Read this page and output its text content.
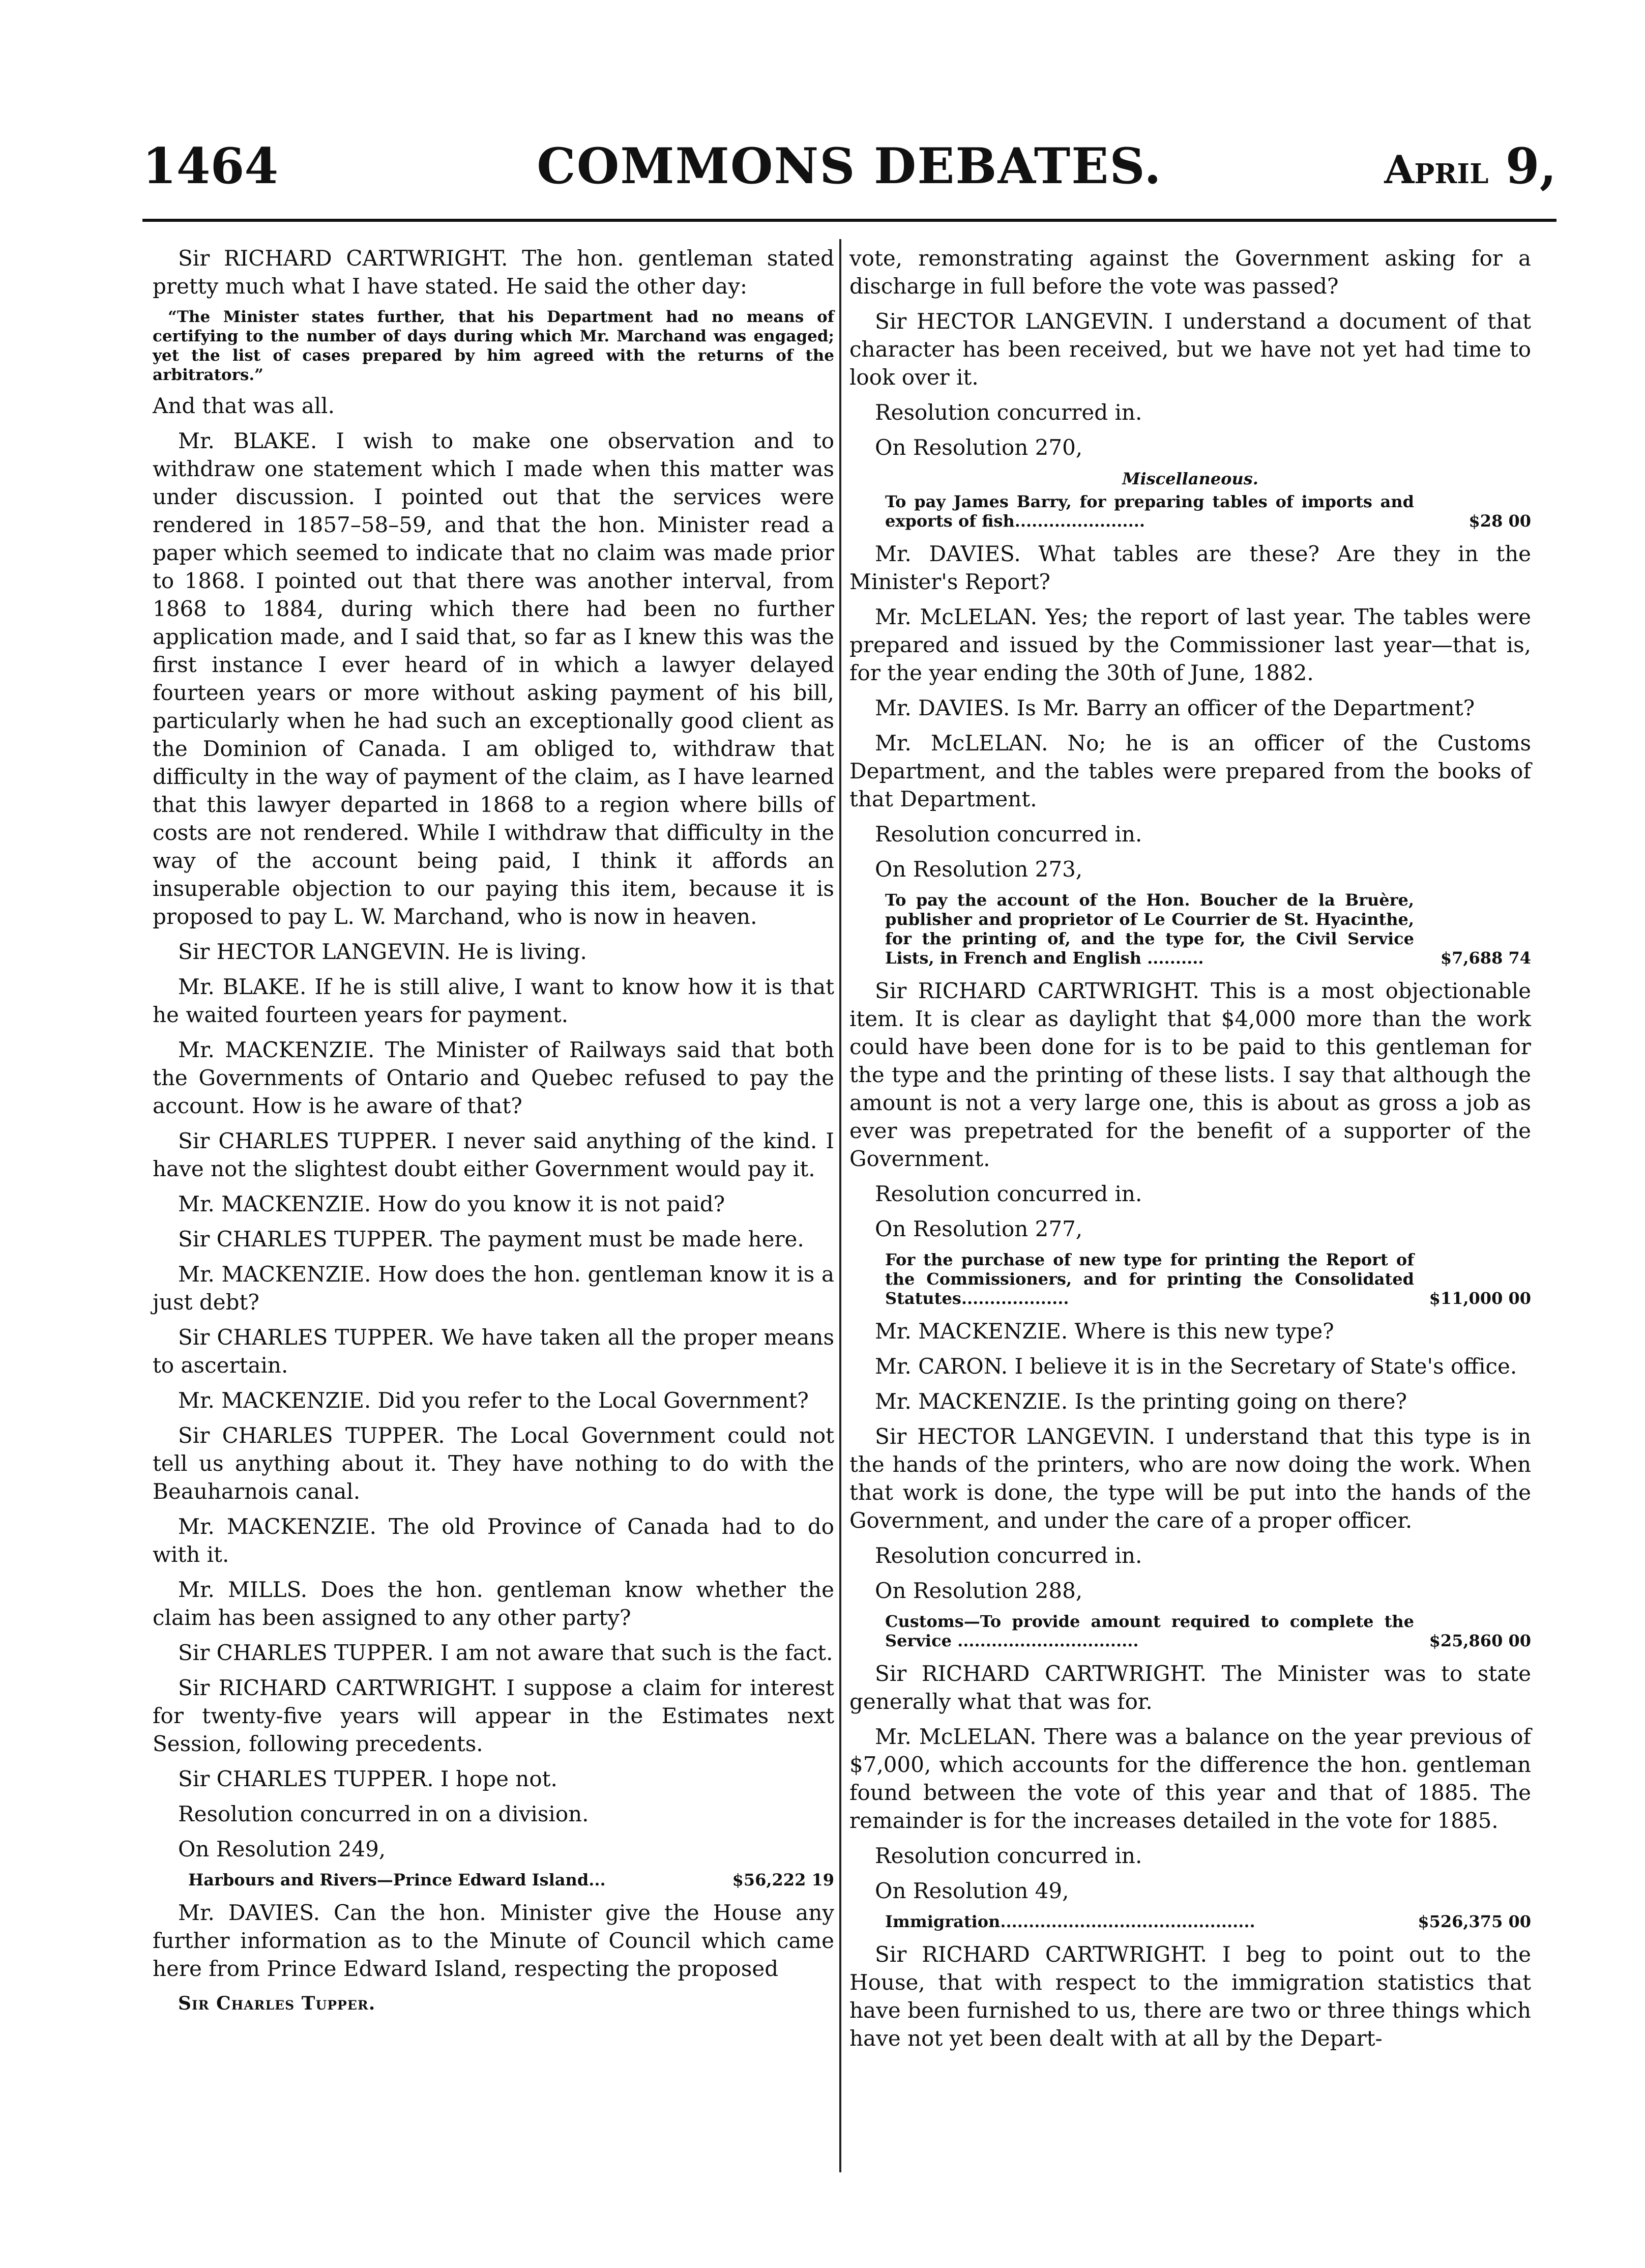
1464	COMMONS DEBATES.	April 9,

Sir RICHARD CARTWRIGHT. The hon. gentleman stated pretty much what I have stated. He said the other day:

“The Minister states further, that his Department had no means of certifying to the number of days during which Mr. Marchand was engaged; yet the list of cases prepared by him agreed with the returns of the arbitrators.”

And that was all.

Mr. BLAKE. I wish to make one observation and to withdraw one statement which I made when this matter was under discussion. I pointed out that the services were rendered in 1857–58–59, and that the hon. Minister read a paper which seemed to indicate that no claim was made prior to 1868. I pointed out that there was another interval, from 1868 to 1884, during which there had been no further application made, and I said that, so far as I knew this was the first instance I ever heard of in which a lawyer delayed fourteen years or more without asking payment of his bill, particularly when he had such an exceptionally good client as the Dominion of Canada. I am obliged to, withdraw that difficulty in the way of payment of the claim, as I have learned that this lawyer departed in 1868 to a region where bills of costs are not rendered. While I withdraw that difficulty in the way of the account being paid, I think it affords an insuperable objection to our paying this item, because it is proposed to pay L. W. Marchand, who is now in heaven.

Sir HECTOR LANGEVIN. He is living.

Mr. BLAKE. If he is still alive, I want to know how it is that he waited fourteen years for payment.

Mr. MACKENZIE. The Minister of Railways said that both the Governments of Ontario and Quebec refused to pay the account. How is he aware of that?

Sir CHARLES TUPPER. I never said anything of the kind. I have not the slightest doubt either Government would pay it.

Mr. MACKENZIE. How do you know it is not paid?

Sir CHARLES TUPPER. The payment must be made here.

Mr. MACKENZIE. How does the hon. gentleman know it is a just debt?

Sir CHARLES TUPPER. We have taken all the proper means to ascertain.

Mr. MACKENZIE. Did you refer to the Local Government?

Sir CHARLES TUPPER. The Local Government could not tell us anything about it. They have nothing to do with the Beauharnois canal.

Mr. MACKENZIE. The old Province of Canada had to do with it.

Mr. MILLS. Does the hon. gentleman know whether the claim has been assigned to any other party?

Sir CHARLES TUPPER. I am not aware that such is the fact.

Sir RICHARD CARTWRIGHT. I suppose a claim for interest for twenty-five years will appear in the Estimates next Session, following precedents.

Sir CHARLES TUPPER. I hope not.

Resolution concurred in on a division.

On Resolution 249,

Harbours and Rivers—Prince Edward Island...	$56,222 19

Mr. DAVIES. Can the hon. Minister give the House any further information as to the Minute of Council which came here from Prince Edward Island, respecting the proposed

Sir Charles Tupper.

vote, remonstrating against the Government asking for a discharge in full before the vote was passed?

Sir HECTOR LANGEVIN. I understand a document of that character has been received, but we have not yet had time to look over it.

Resolution concurred in.

On Resolution 270,

Miscellaneous.
To pay James Barry, for preparing tables of imports and exports of fish.......................	$28 00

Mr. DAVIES. What tables are these? Are they in the Minister's Report?

Mr. McLELAN. Yes; the report of last year. The tables were prepared and issued by the Commissioner last year—that is, for the year ending the 30th of June, 1882.

Mr. DAVIES. Is Mr. Barry an officer of the Department?

Mr. McLELAN. No; he is an officer of the Customs Department, and the tables were prepared from the books of that Department.

Resolution concurred in.

On Resolution 273,

To pay the account of the Hon. Boucher de la Bruère, publisher and proprietor of Le Courrier de St. Hyacinthe, for the printing of, and the type for, the Civil Service Lists, in French and English ..........	$7,688 74

Sir RICHARD CARTWRIGHT. This is a most objectionable item. It is clear as daylight that $4,000 more than the work could have been done for is to be paid to this gentleman for the type and the printing of these lists. I say that although the amount is not a very large one, this is about as gross a job as ever was prepetrated for the benefit of a supporter of the Government.

Resolution concurred in.

On Resolution 277,

For the purchase of new type for printing the Report of the Commissioners, and for printing the Consolidated Statutes...................	$11,000 00

Mr. MACKENZIE. Where is this new type?

Mr. CARON. I believe it is in the Secretary of State's office.

Mr. MACKENZIE. Is the printing going on there?

Sir HECTOR LANGEVIN. I understand that this type is in the hands of the printers, who are now doing the work. When that work is done, the type will be put into the hands of the Government, and under the care of a proper officer.

Resolution concurred in.

On Resolution 288,

Customs—To provide amount required to complete the Service ................................	$25,860 00

Sir RICHARD CARTWRIGHT. The Minister was to state generally what that was for.

Mr. McLELAN. There was a balance on the year previous of $7,000, which accounts for the difference the hon. gentleman found between the vote of this year and that of 1885. The remainder is for the increases detailed in the vote for 1885.

Resolution concurred in.

On Resolution 49,

Immigration.............................................	$526,375 00

Sir RICHARD CARTWRIGHT. I beg to point out to the House, that with respect to the immigration statistics that have been furnished to us, there are two or three things which have not yet been dealt with at all by the Depart-
